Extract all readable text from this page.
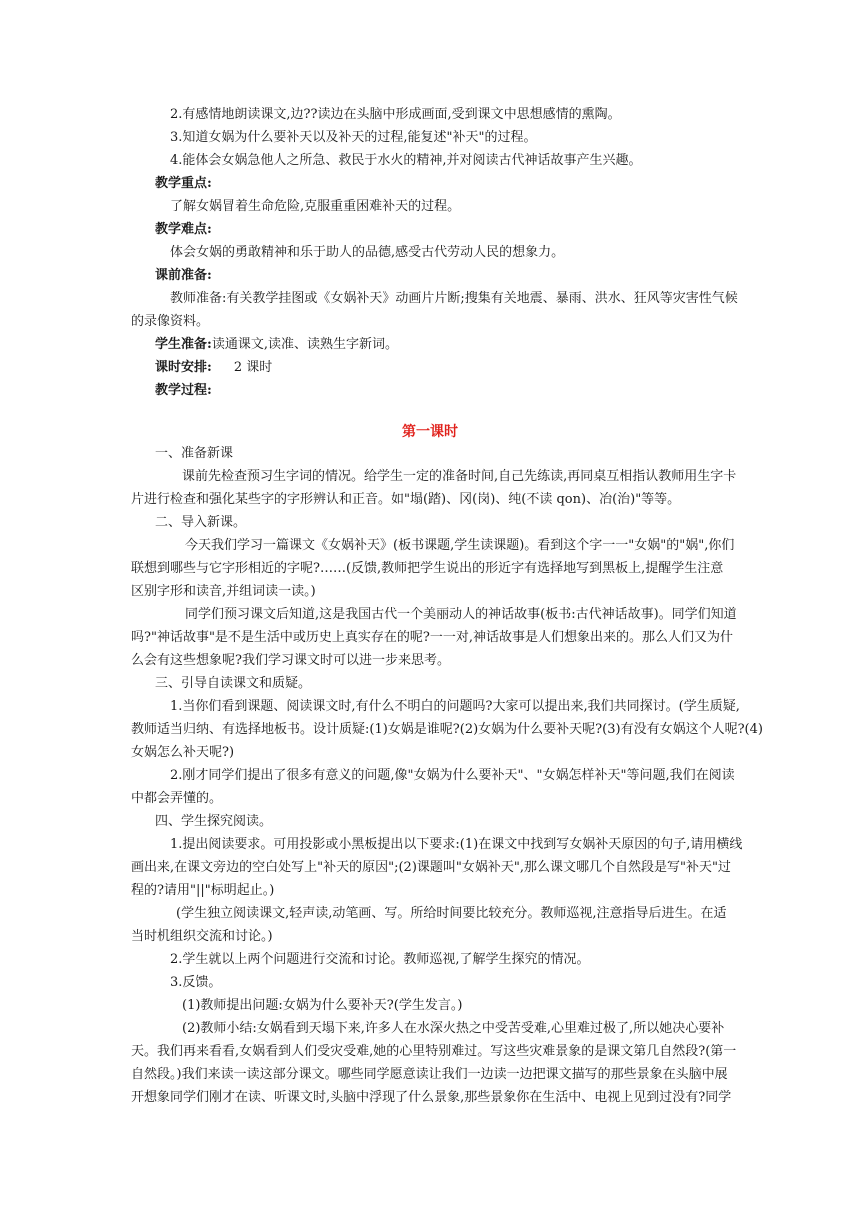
2.有感情地朗读课文,边??读边在头脑中形成画面,受到课文中思想感情的熏陶。
3.知道女娲为什么要补天以及补天的过程,能复述"补天"的过程。
4.能体会女娲急他人之所急、救民于水火的精神,并对阅读古代神话故事产生兴趣。
教学重点:
了解女娲冒着生命危险,克服重重困难补天的过程。
教学难点:
体会女娲的勇敢精神和乐于助人的品德,感受古代劳动人民的想象力。
课前准备:
教师准备:有关教学挂图或《女娲补天》动画片片断;搜集有关地震、暴雨、洪水、狂风等灾害性气候
的录像资料。
学生准备:读通课文,读准、读熟生字新词。
课时安排: 2 课时
教学过程:
第一课时
一、准备新课
课前先检查预习生字词的情况。给学生一定的准备时间,自己先练读,再同桌互相指认教师用生字卡
片进行检查和强化某些字的字形辨认和正音。如"塌(踏)、冈(岗)、纯(不读 qon)、冶(治)"等等。
二、导入新课。
今天我们学习一篇课文《女娲补天》(板书课题,学生读课题)。看到这个字一一"女娲"的"娲",你们
联想到哪些与它字形相近的字呢?……(反馈,教师把学生说出的形近字有选择地写到黑板上,提醒学生注意
区别字形和读音,并组词读一读。)
同学们预习课文后知道,这是我国古代一个美丽动人的神话故事(板书:古代神话故事)。同学们知道
吗?"神话故事"是不是生活中或历史上真实存在的呢?一一对,神话故事是人们想象出来的。那么人们又为什
么会有这些想象呢?我们学习课文时可以进一步来思考。
三、引导自读课文和质疑。
1.当你们看到课题、阅读课文时,有什么不明白的问题吗?大家可以提出来,我们共同探讨。(学生质疑,
教师适当归纳、有选择地板书。设计质疑:(1)女娲是谁呢?(2)女娲为什么要补天呢?(3)有没有女娲这个人呢?(4)
女娲怎么补天呢?)
2.刚才同学们提出了很多有意义的问题,像"女娲为什么要补天"、"女娲怎样补天"等问题,我们在阅读
中都会弄懂的。
四、学生探究阅读。
1.提出阅读要求。可用投影或小黑板提出以下要求:(1)在课文中找到写女娲补天原因的句子,请用横线
画出来,在课文旁边的空白处写上"补天的原因";(2)课题叫"女娲补天",那么课文哪几个自然段是写"补天"过
程的?请用"||"标明起止。)
(学生独立阅读课文,轻声读,动笔画、写。所给时间要比较充分。教师巡视,注意指导后进生。在适
当时机组织交流和讨论。)
2.学生就以上两个问题进行交流和讨论。教师巡视,了解学生探究的情况。
3.反馈。
(1)教师提出问题:女娲为什么要补天?(学生发言。)
(2)教师小结:女娲看到天塌下来,许多人在水深火热之中受苦受难,心里难过极了,所以她决心要补
天。我们再来看看,女娲看到人们受灾受难,她的心里特别难过。写这些灾难景象的是课文第几自然段?(第一
自然段。)我们来读一读这部分课文。哪些同学愿意读让我们一边读一边把课文描写的那些景象在头脑中展
开想象同学们刚才在读、听课文时,头脑中浮现了什么景象,那些景象你在生活中、电视上见到过没有?同学
